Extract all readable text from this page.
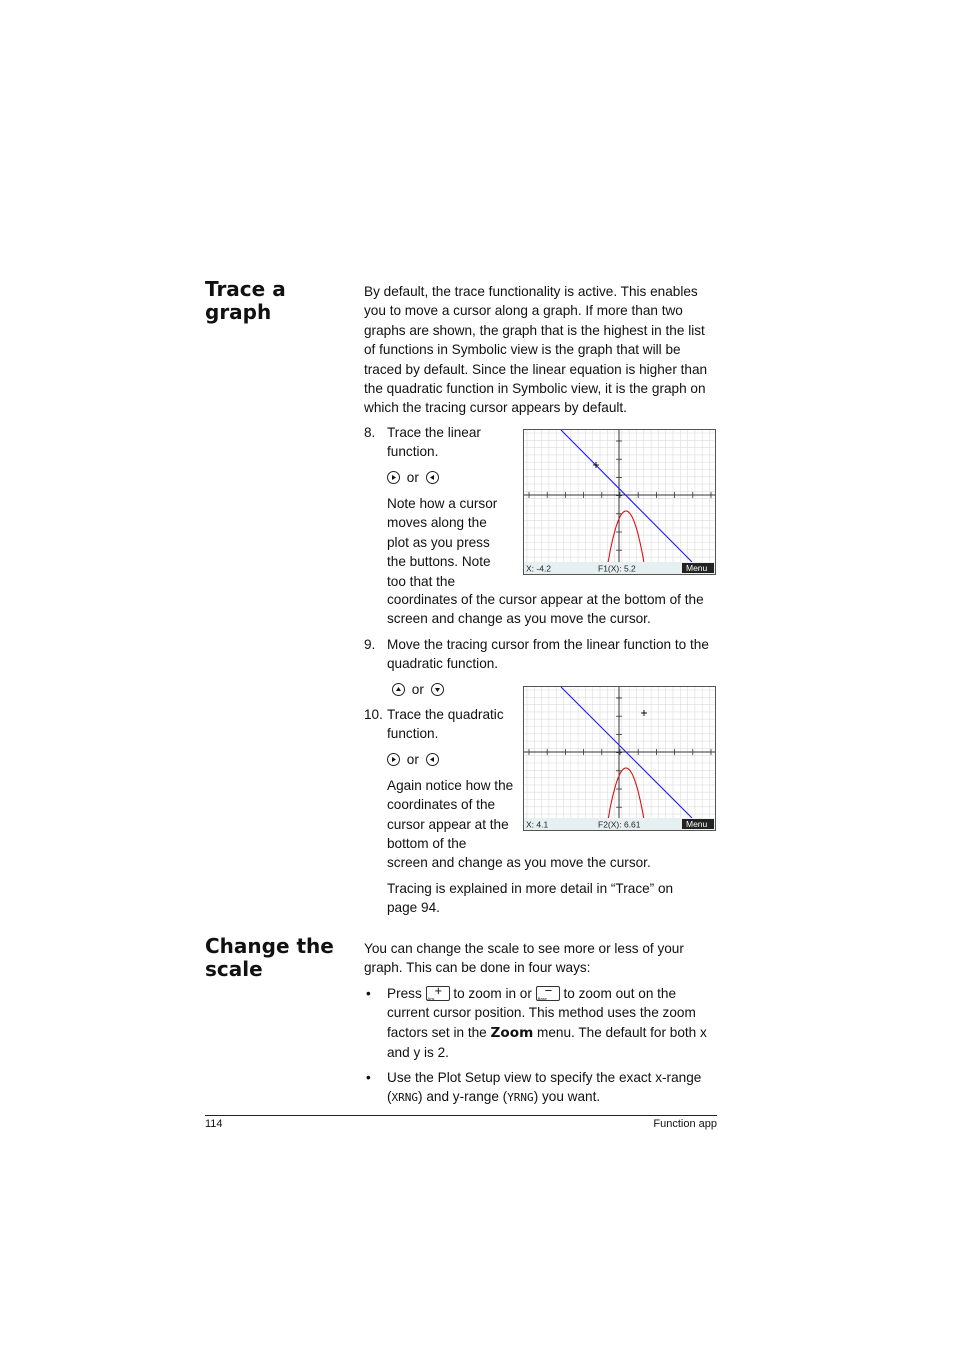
Trace a graph
By default, the trace functionality is active. This enables you to move a cursor along a graph. If more than two graphs are shown, the graph that is the highest in the list of functions in Symbolic view is the graph that will be traced by default. Since the linear equation is higher than the quadratic function in Symbolic view, it is the graph on which the tracing cursor appears by default.
8. Trace the linear function.
or
Note how a cursor moves along the plot as you press the buttons. Note too that the
coordinates of the cursor appear at the bottom of the screen and change as you move the cursor.
X: -4.2	F1(X): 5.2	Menu
9. Move the tracing cursor from the linear function to the quadratic function.
or
10. Trace the quadratic function.
or
Again notice how the coordinates of the cursor appear at the bottom of the
screen and change as you move the cursor.
Tracing is explained in more detail in “Trace” on page 94.
X: 4.1	F2(X): 6.61	Menu
Change the scale
You can change the scale to see more or less of your graph. This can be done in four ways:
• Press +
Ans to zoom in or −
Base to zoom out on the current cursor position. This method uses the zoom factors set in the Zoom menu. The default for both x and y is 2.
• Use the Plot Setup view to specify the exact x-range (XRNG) and y-range (YRNG) you want.
114	Function app
